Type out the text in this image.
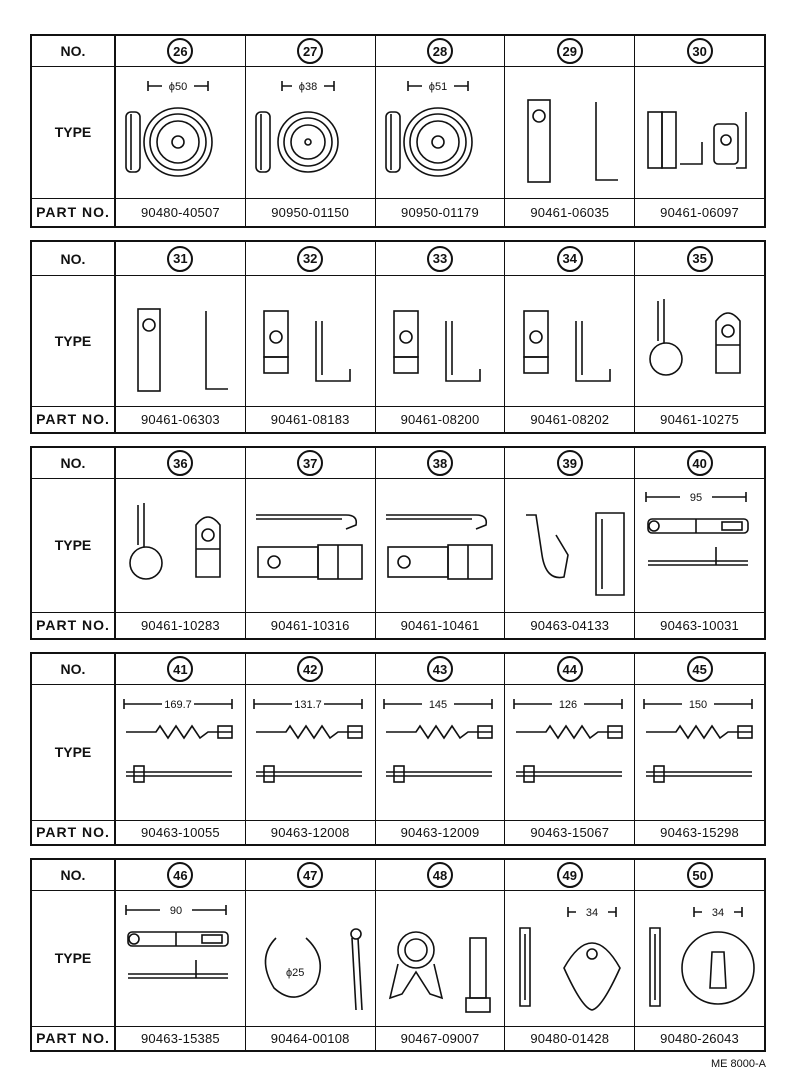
NO.	26	27	28	29	30
TYPE
ϕ50	ϕ38	ϕ51
PART NO.	90480-40507	90950-01150	90950-01179	90461-06035	90461-06097
NO.	31	32	33	34	35
TYPE
PART NO.	90461-06303	90461-08183	90461-08200	90461-08202	90461-10275
NO.	36	37	38	39	40
TYPE
95
PART NO.	90461-10283	90461-10316	90461-10461	90463-04133	90463-10031
NO.	41	42	43	44	45
TYPE
169.7	131.7	145	126	150
PART NO.	90463-10055	90463-12008	90463-12009	90463-15067	90463-15298
NO.	46	47	48	49	50
TYPE
90
ϕ25
34	34
PART NO.	90463-15385	90464-00108	90467-09007	90480-01428	90480-26043
ME 8000-A
